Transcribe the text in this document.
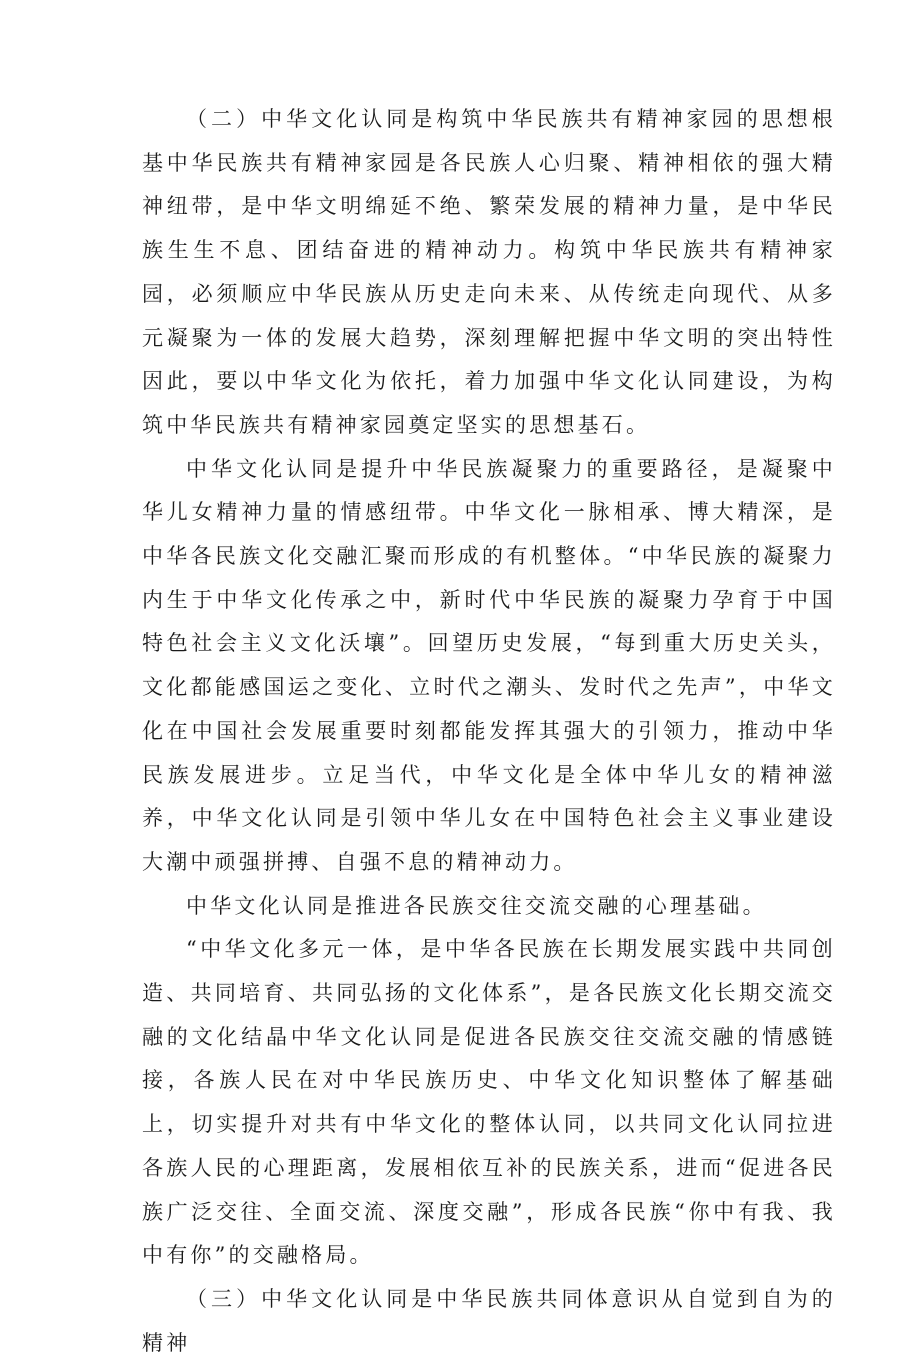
（二）中华文化认同是构筑中华民族共有精神家园的思想根基中华民族共有精神家园是各民族人心归聚、精神相依的强大精神纽带，是中华文明绵延不绝、繁荣发展的精神力量，是中华民族生生不息、团结奋进的精神动力。构筑中华民族共有精神家园，必须顺应中华民族从历史走向未来、从传统走向现代、从多元凝聚为一体的发展大趋势，深刻理解把握中华文明的突出特性因此，要以中华文化为依托，着力加强中华文化认同建设，为构筑中华民族共有精神家园奠定坚实的思想基石。

中华文化认同是提升中华民族凝聚力的重要路径，是凝聚中华儿女精神力量的情感纽带。中华文化一脉相承、博大精深，是中华各民族文化交融汇聚而形成的有机整体。“中华民族的凝聚力内生于中华文化传承之中，新时代中华民族的凝聚力孕育于中国特色社会主义文化沃壤”。回望历史发展，“每到重大历史关头，文化都能感国运之变化、立时代之潮头、发时代之先声”，中华文化在中国社会发展重要时刻都能发挥其强大的引领力，推动中华民族发展进步。立足当代，中华文化是全体中华儿女的精神滋养，中华文化认同是引领中华儿女在中国特色社会主义事业建设大潮中顽强拼搏、自强不息的精神动力。

中华文化认同是推进各民族交往交流交融的心理基础。

“中华文化多元一体，是中华各民族在长期发展实践中共同创造、共同培育、共同弘扬的文化体系”，是各民族文化长期交流交融的文化结晶中华文化认同是促进各民族交往交流交融的情感链接，各族人民在对中华民族历史、中华文化知识整体了解基础上，切实提升对共有中华文化的整体认同，以共同文化认同拉进各族人民的心理距离，发展相依互补的民族关系，进而“促进各民族广泛交往、全面交流、深度交融”，形成各民族“你中有我、我中有你”的交融格局。

（三）中华文化认同是中华民族共同体意识从自觉到自为的精神
